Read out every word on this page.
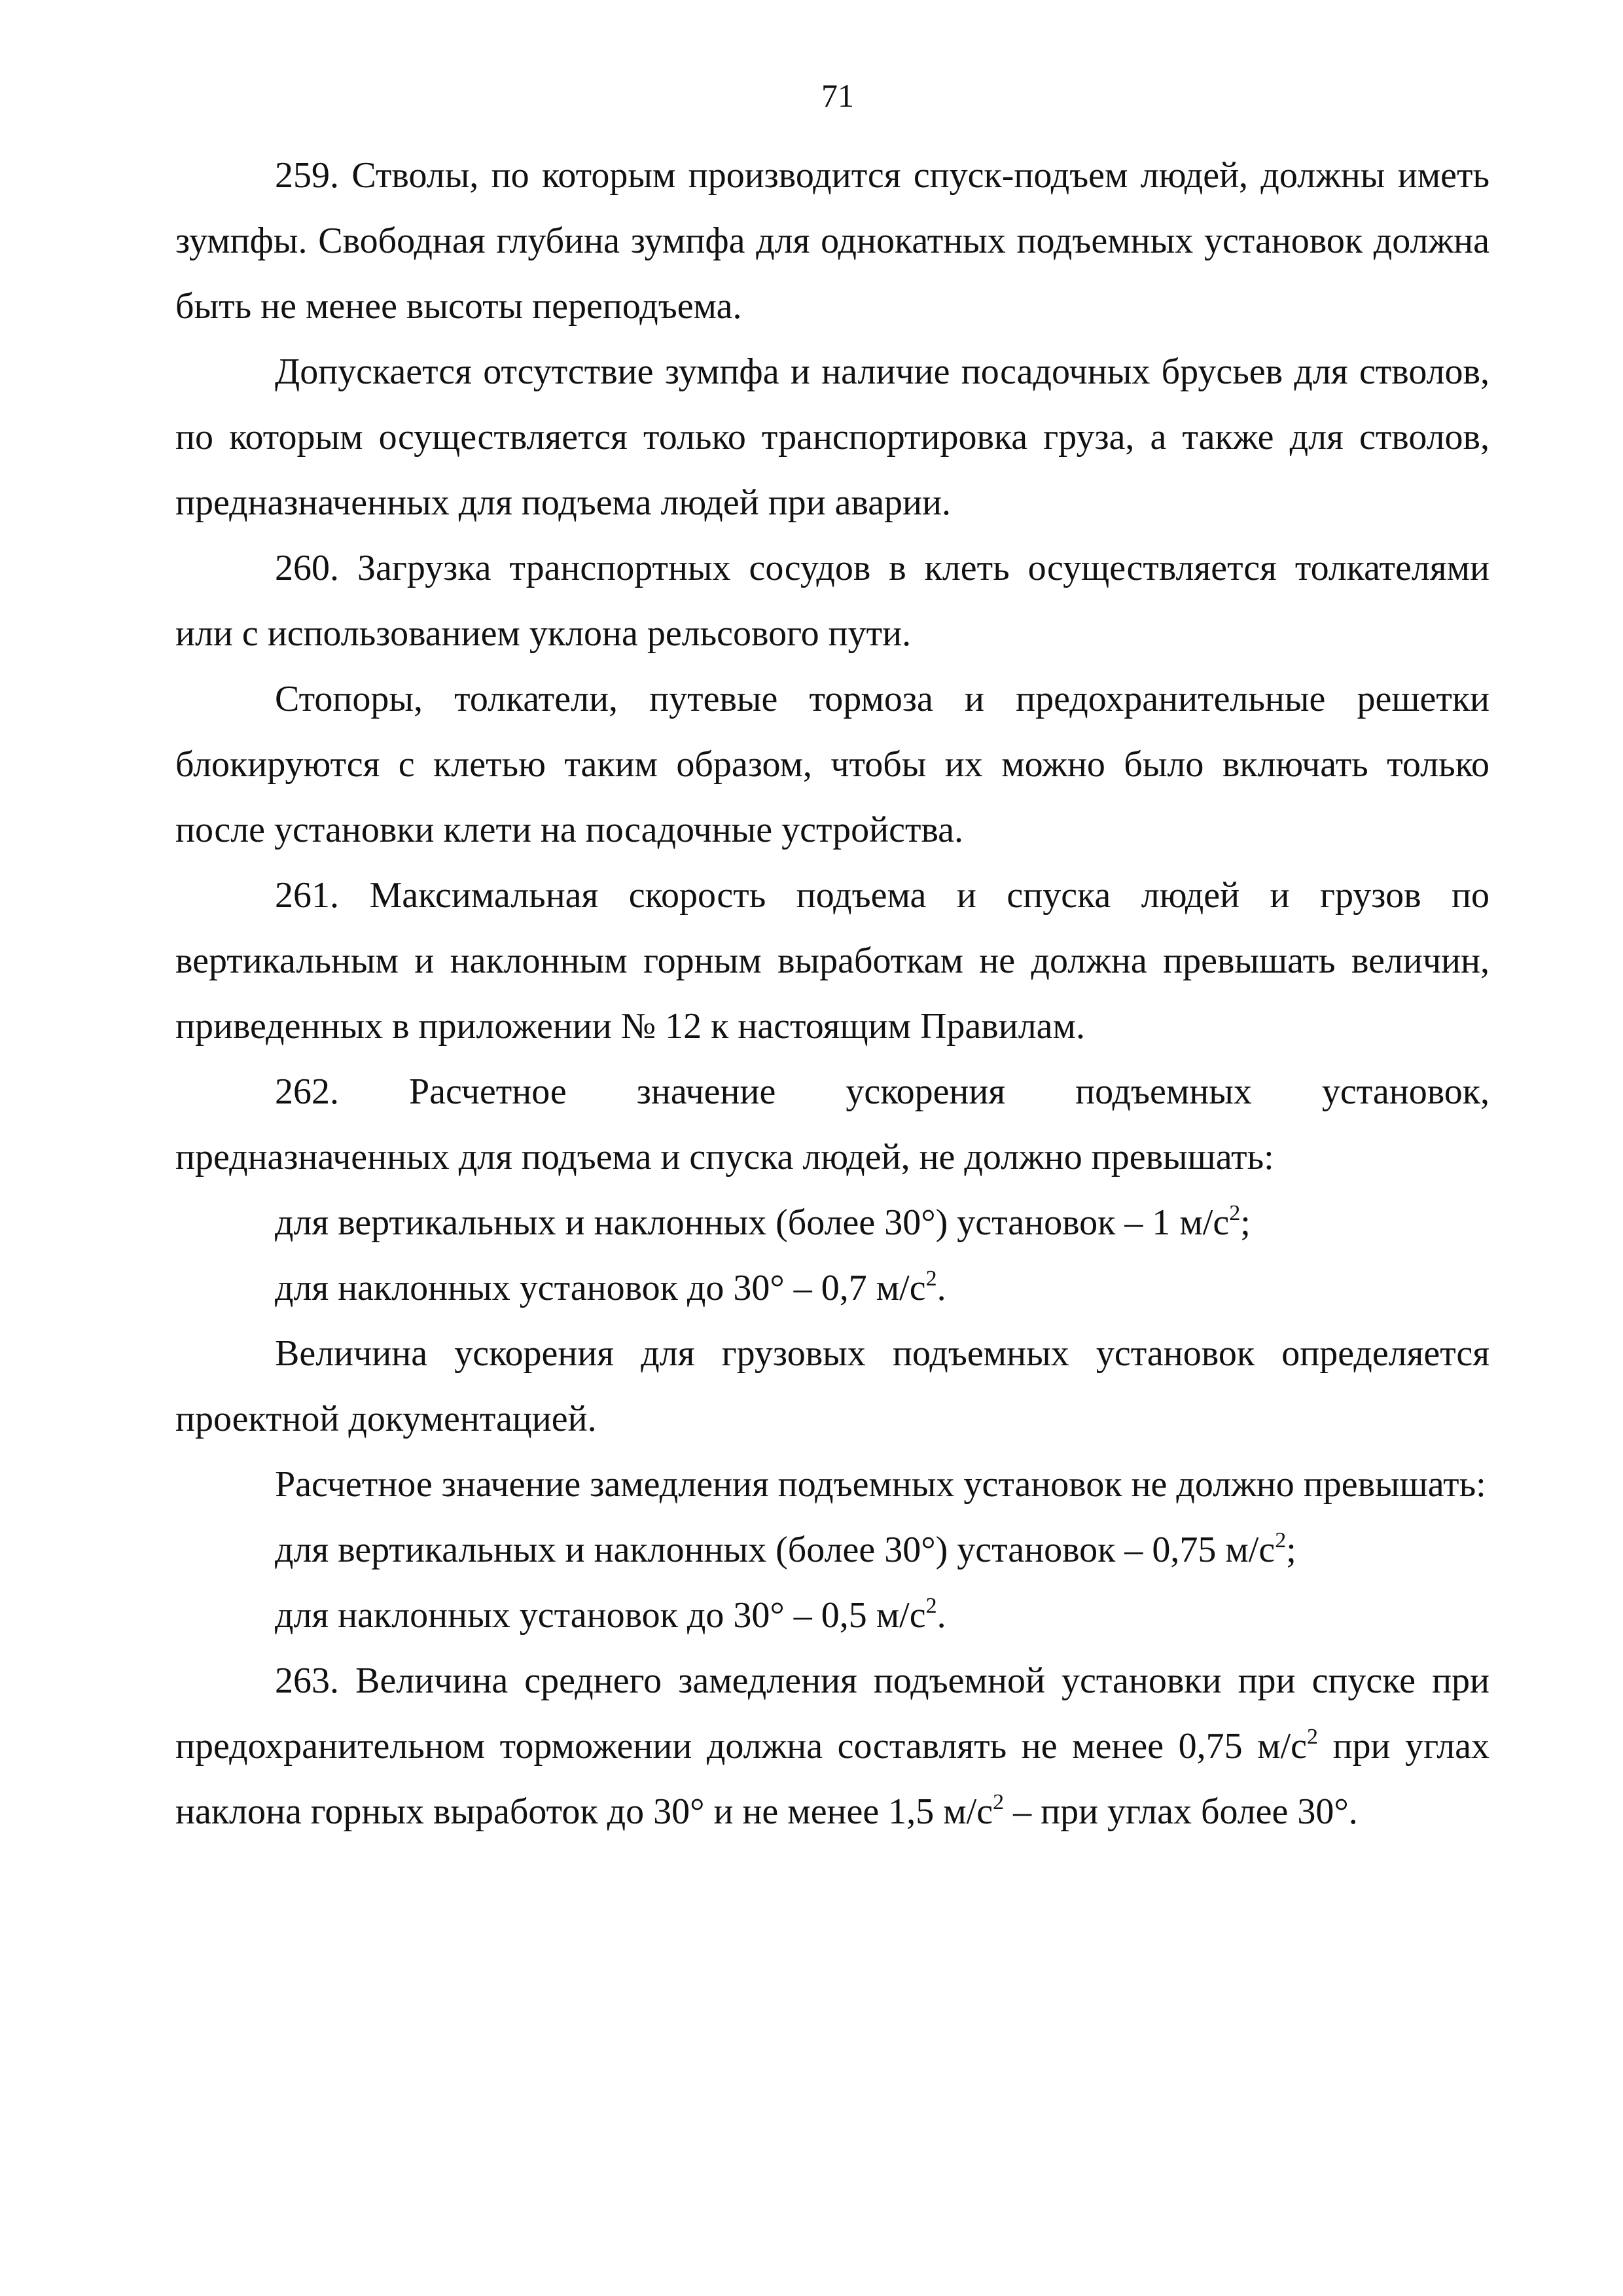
71

259. Стволы, по которым производится спуск-подъем людей, должны иметь зумпфы. Свободная глубина зумпфа для однокатных подъемных установок должна быть не менее высоты переподъема.

Допускается отсутствие зумпфа и наличие посадочных брусьев для стволов, по которым осуществляется только транспортировка груза, а также для стволов, предназначенных для подъема людей при аварии.

260. Загрузка транспортных сосудов в клеть осуществляется толкателями или с использованием уклона рельсового пути.

Стопоры, толкатели, путевые тормоза и предохранительные решетки блокируются с клетью таким образом, чтобы их можно было включать только после установки клети на посадочные устройства.

261. Максимальная скорость подъема и спуска людей и грузов по вертикальным и наклонным горным выработкам не должна превышать величин, приведенных в приложении № 12 к настоящим Правилам.

262. Расчетное значение ускорения подъемных установок,

предназначенных для подъема и спуска людей, не должно превышать:

для вертикальных и наклонных (более 30°) установок – 1 $м/с^2$;

для наклонных установок до 30° – 0,7 $м/с^2$.

Величина ускорения для грузовых подъемных установок определяется проектной документацией.

Расчетное значение замедления подъемных установок не должно превышать:

для вертикальных и наклонных (более 30°) установок – 0,75 $м/с^2$;

для наклонных установок до 30° – 0,5 $м/с^2$.

263. Величина среднего замедления подъемной установки при спуске при предохранительном торможении должна составлять не менее 0,75 $м/с^2$ при углах наклона горных выработок до 30° и не менее 1,5 $м/с^2$ – при углах более 30°.
